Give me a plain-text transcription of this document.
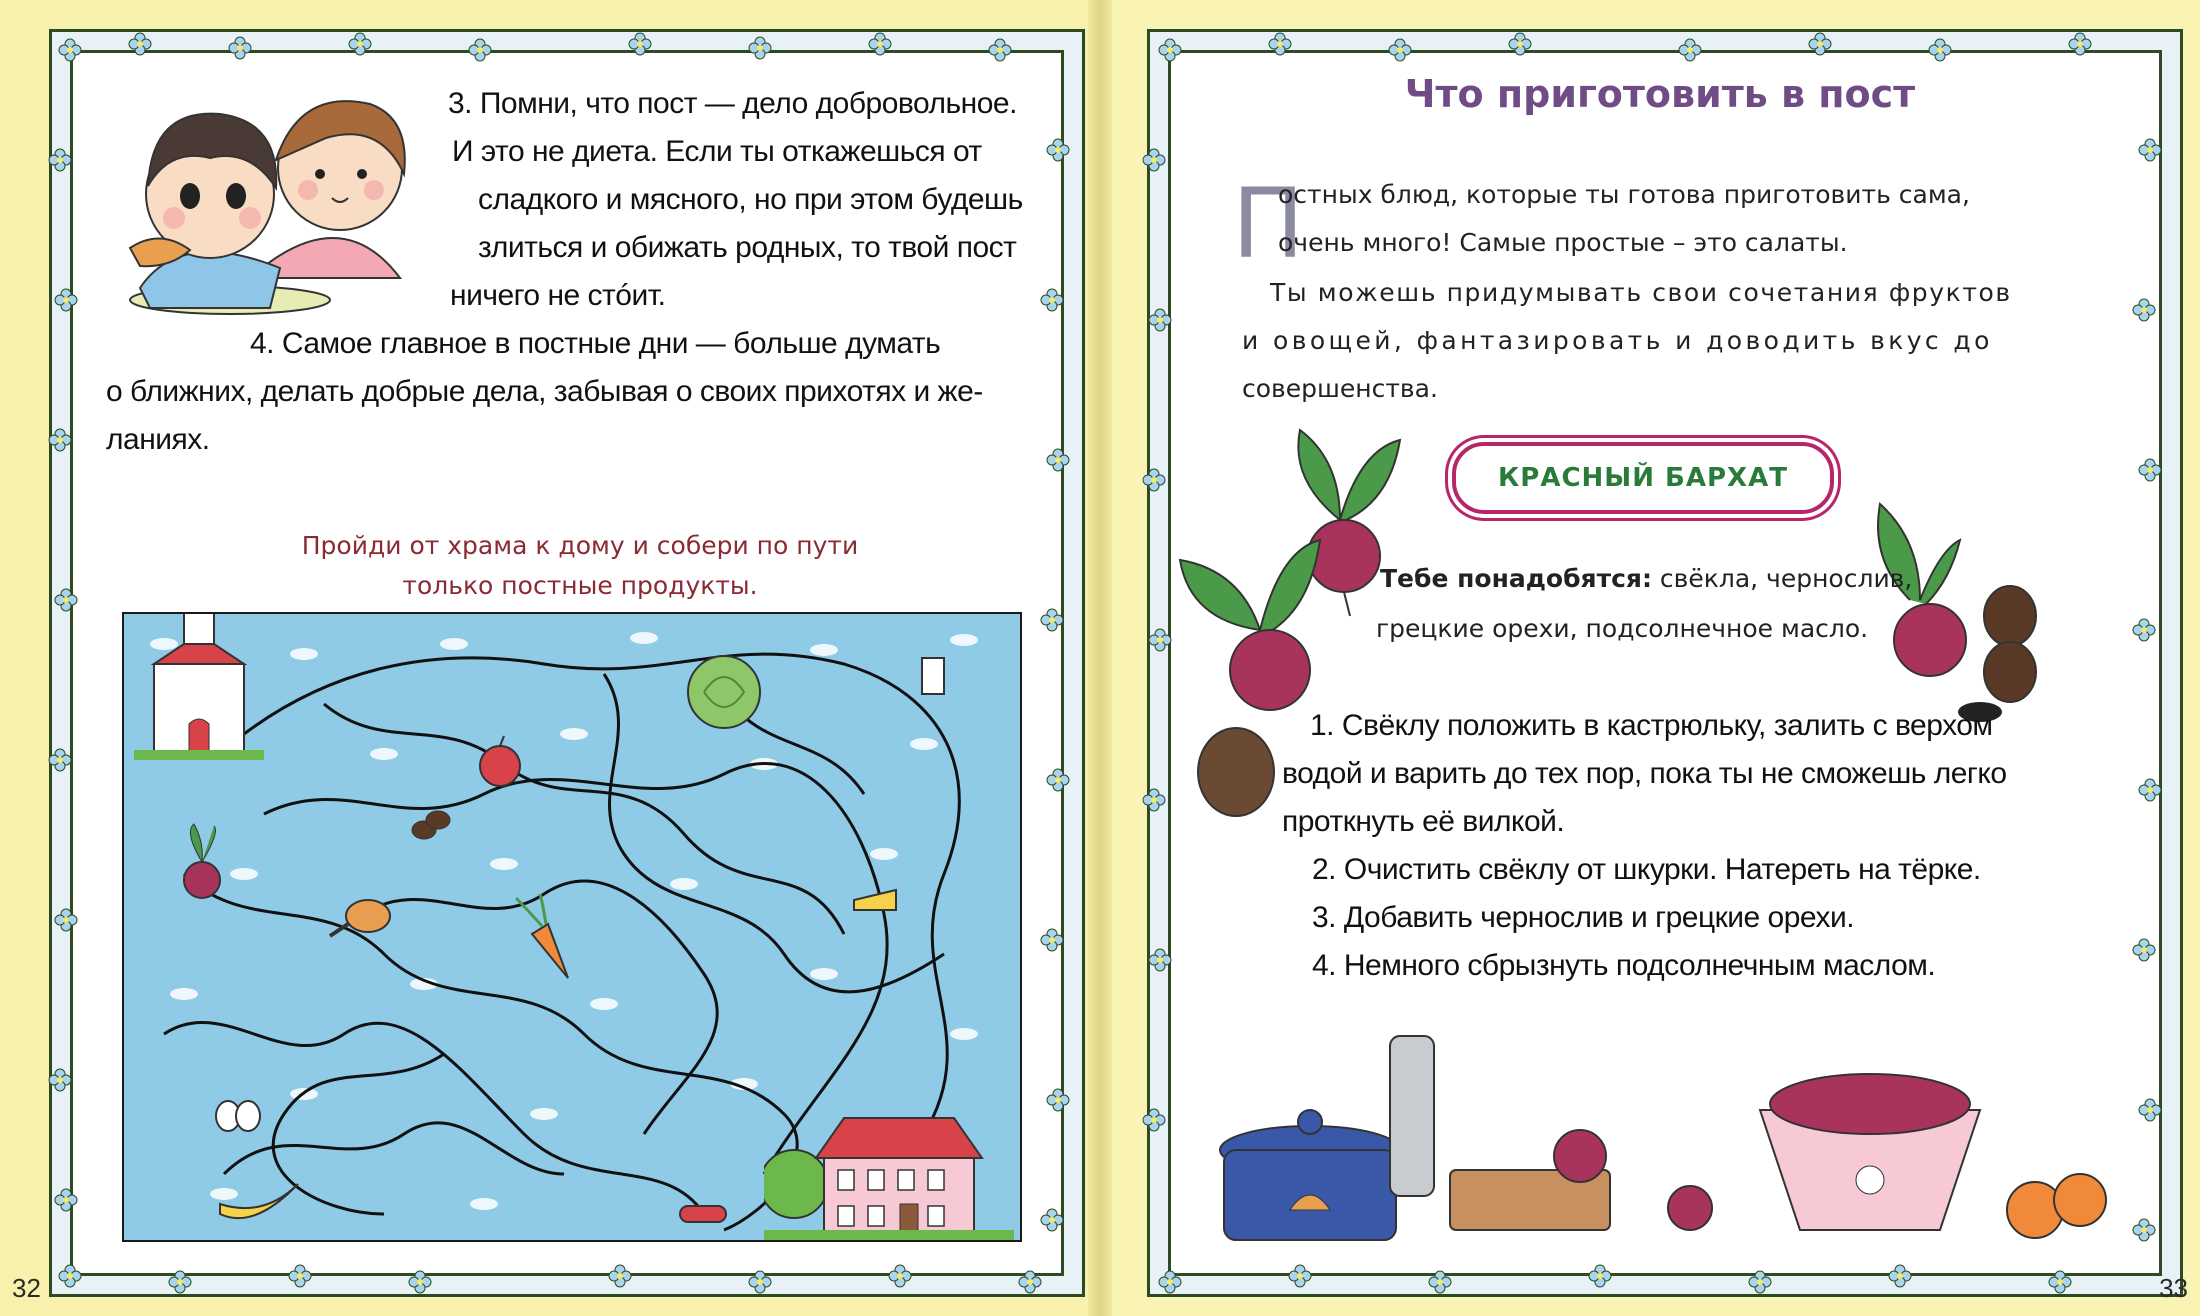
3. Помни, что пост — дело добровольное.
И это не диета. Если ты откажешься от
сладкого и мясного, но при этом будешь
злиться и обижать родных, то твой пост
ничего не стóит.
4. Самое главное в постные дни — больше думать
о ближних, делать добрые дела, забывая о своих прихотях и же-
ланиях.
Пройди от храма к дому и собери по пути
только постные продукты.
32
Что приготовить в пост
П
остных блюд, которые ты готова приготовить сама,
очень много! Самые простые – это салаты.
Ты можешь придумывать свои сочетания фруктов
и овощей, фантазировать и доводить вкус до
совершенства.
КРАСНЫЙ БАРХАТ
Тебе понадобятся: свёкла, чернослив,
грецкие орехи, подсолнечное масло.
1. Свёклу положить в кастрюльку, залить с верхом
водой и варить до тех пор, пока ты не сможешь легко
проткнуть её вилкой.
2. Очистить свёклу от шкурки. Натереть на тёрке.
3. Добавить чернослив и грецкие орехи.
4. Немного сбрызнуть подсолнечным маслом.
33
